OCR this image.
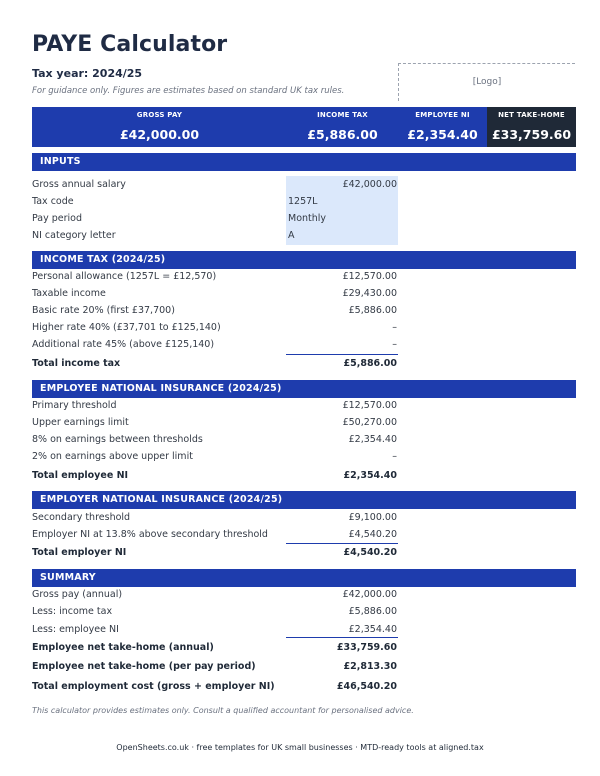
PAYE Calculator
Tax year: 2024/25
For guidance only. Figures are estimates based on standard UK tax rules.
[Logo]
GROSS PAY
£42,000.00
INCOME TAX
£5,886.00
EMPLOYEE NI
£2,354.40
NET TAKE-HOME
£33,759.60
INPUTS
Gross annual salary	£42,000.00
Tax code	1257L
Pay period	Monthly
NI category letter	A
INCOME TAX (2024/25)
Personal allowance (1257L = £12,570)	£12,570.00
Taxable income	£29,430.00
Basic rate 20% (first £37,700)	£5,886.00
Higher rate 40% (£37,701 to £125,140)	–
Additional rate 45% (above £125,140)	–
Total income tax	£5,886.00
EMPLOYEE NATIONAL INSURANCE (2024/25)
Primary threshold	£12,570.00
Upper earnings limit	£50,270.00
8% on earnings between thresholds	£2,354.40
2% on earnings above upper limit	–
Total employee NI	£2,354.40
EMPLOYER NATIONAL INSURANCE (2024/25)
Secondary threshold	£9,100.00
Employer NI at 13.8% above secondary threshold	£4,540.20
Total employer NI	£4,540.20
SUMMARY
Gross pay (annual)	£42,000.00
Less: income tax	£5,886.00
Less: employee NI	£2,354.40
Employee net take-home (annual)	£33,759.60
Employee net take-home (per pay period)	£2,813.30
Total employment cost (gross + employer NI)	£46,540.20
This calculator provides estimates only. Consult a qualified accountant for personalised advice.
OpenSheets.co.uk · free templates for UK small businesses · MTD-ready tools at aligned.tax
